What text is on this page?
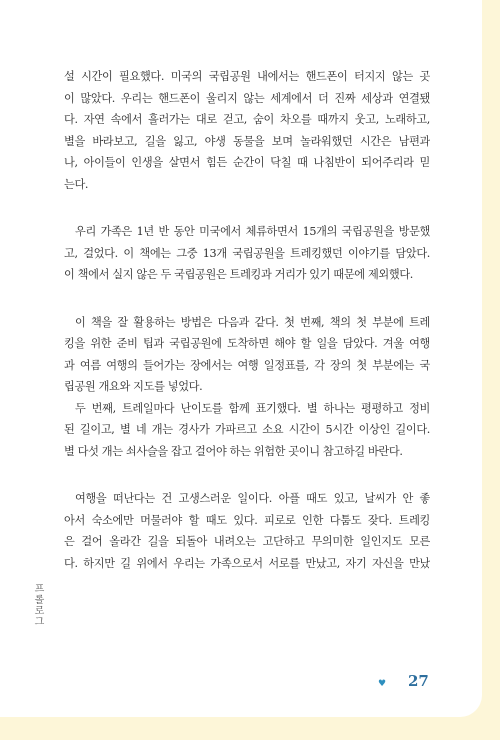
설 시간이 필요했다. 미국의 국립공원 내에서는 핸드폰이 터지지 않는 곳
이 많았다. 우리는 핸드폰이 울리지 않는 세계에서 더 진짜 세상과 연결됐
다. 자연 속에서 흘러가는 대로 걷고, 숨이 차오를 때까지 웃고, 노래하고,
별을 바라보고, 길을 잃고, 야생 동물을 보며 놀라워했던 시간은 남편과
나, 아이들이 인생을 살면서 힘든 순간이 닥칠 때 나침반이 되어주리라 믿
는다.
우리 가족은 1년 반 동안 미국에서 체류하면서 15개의 국립공원을 방문했
고, 걸었다. 이 책에는 그중 13개 국립공원을 트레킹했던 이야기를 담았다.
이 책에서 실지 않은 두 국립공원은 트레킹과 거리가 있기 때문에 제외했다.
이 책을 잘 활용하는 방법은 다음과 같다. 첫 번째, 책의 첫 부분에 트레
킹을 위한 준비 팁과 국립공원에 도착하면 해야 할 일을 담았다. 겨울 여행
과 여름 여행의 들어가는 장에서는 여행 일정표를, 각 장의 첫 부분에는 국
립공원 개요와 지도를 넣었다.
두 번째, 트레일마다 난이도를 함께 표기했다. 별 하나는 평평하고 정비
된 길이고, 별 네 개는 경사가 가파르고 소요 시간이 5시간 이상인 길이다.
별 다섯 개는 쇠사슬을 잡고 걸어야 하는 위험한 곳이니 참고하길 바란다.
여행을 떠난다는 건 고생스러운 일이다. 아플 때도 있고, 날씨가 안 좋
아서 숙소에만 머물러야 할 때도 있다. 피로로 인한 다툼도 잦다. 트레킹
은 걸어 올라간 길을 되돌아 내려오는 고단하고 무의미한 일인지도 모른
다. 하지만 길 위에서 우리는 가족으로서 서로를 만났고, 자기 자신을 만났
프롤로그
♥ 27
